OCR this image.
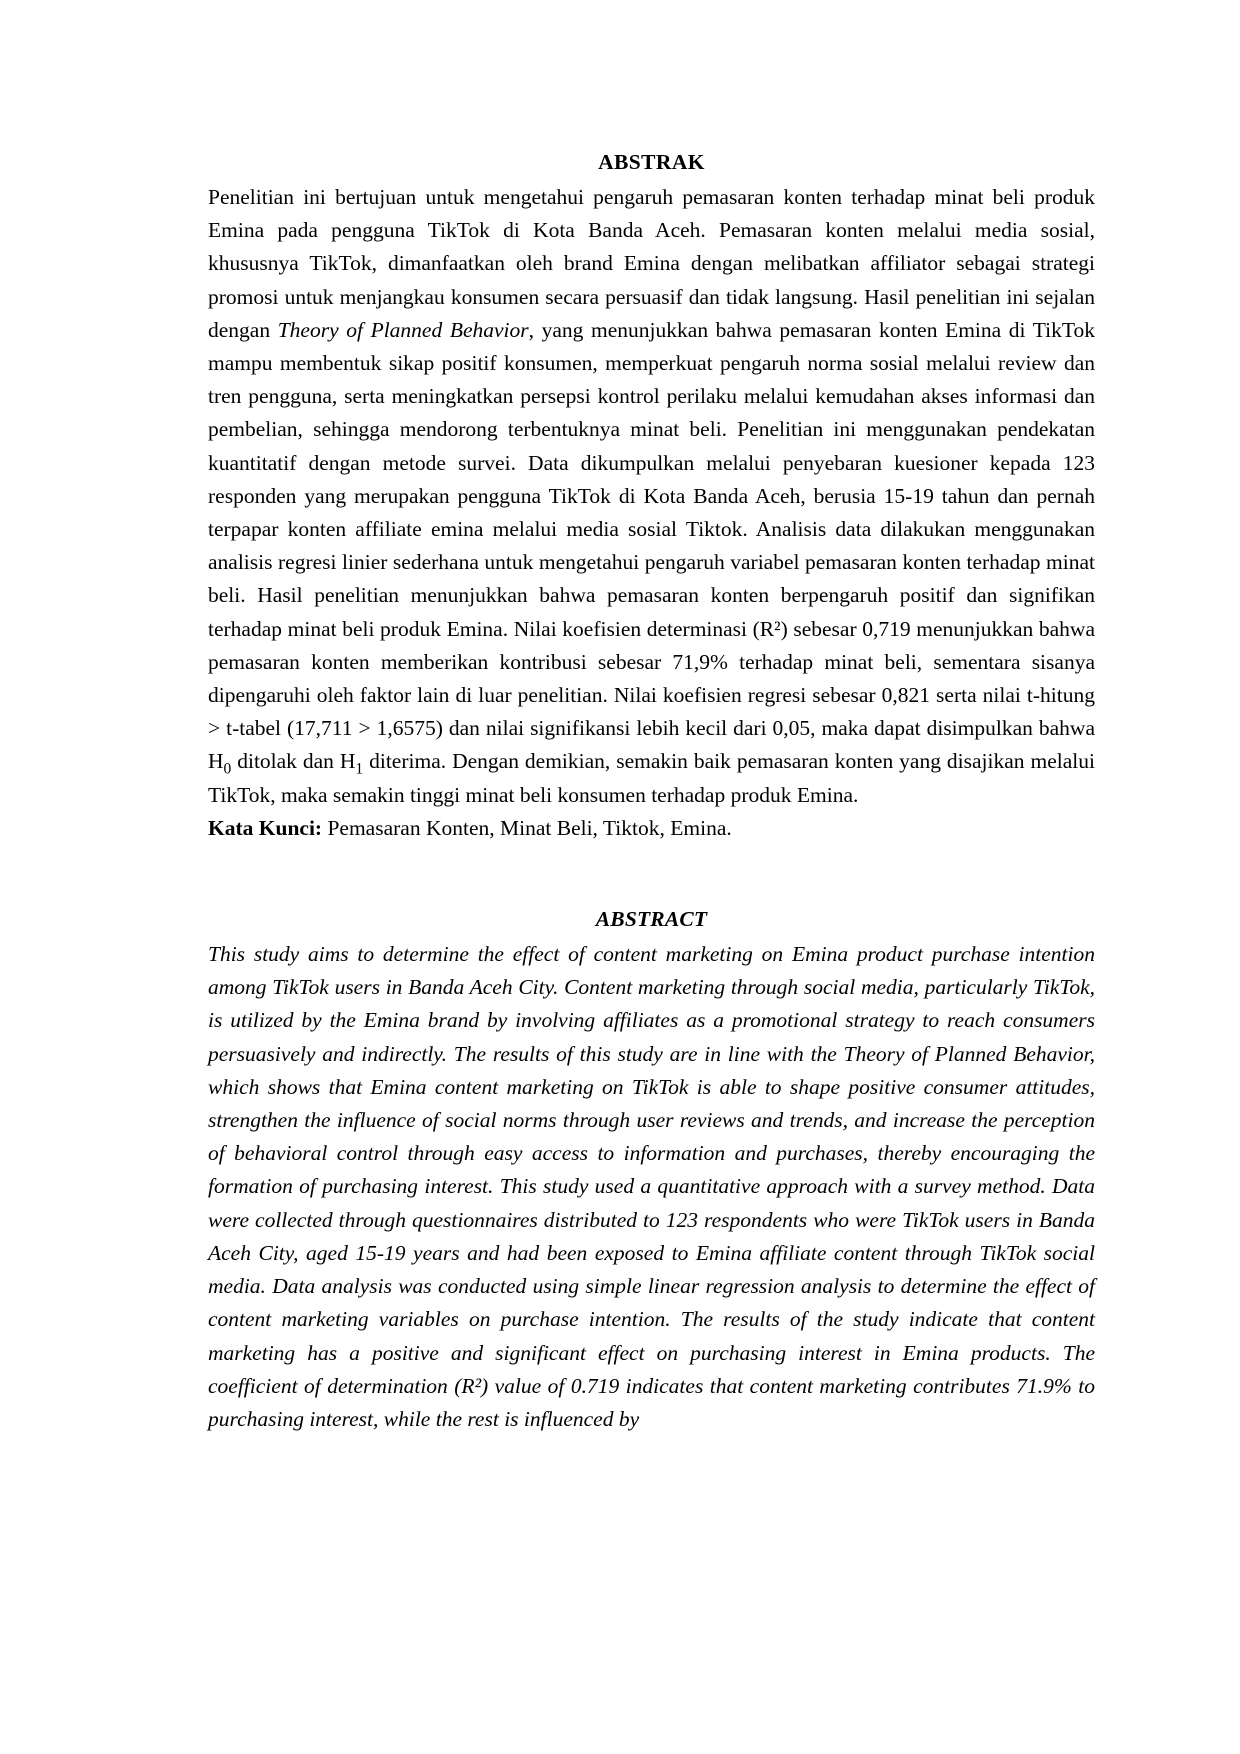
ABSTRAK

Penelitian ini bertujuan untuk mengetahui pengaruh pemasaran konten terhadap minat beli produk Emina pada pengguna TikTok di Kota Banda Aceh. Pemasaran konten melalui media sosial, khususnya TikTok, dimanfaatkan oleh brand Emina dengan melibatkan affiliator sebagai strategi promosi untuk menjangkau konsumen secara persuasif dan tidak langsung. Hasil penelitian ini sejalan dengan Theory of Planned Behavior, yang menunjukkan bahwa pemasaran konten Emina di TikTok mampu membentuk sikap positif konsumen, memperkuat pengaruh norma sosial melalui review dan tren pengguna, serta meningkatkan persepsi kontrol perilaku melalui kemudahan akses informasi dan pembelian, sehingga mendorong terbentuknya minat beli. Penelitian ini menggunakan pendekatan kuantitatif dengan metode survei. Data dikumpulkan melalui penyebaran kuesioner kepada 123 responden yang merupakan pengguna TikTok di Kota Banda Aceh, berusia 15-19 tahun dan pernah terpapar konten affiliate emina melalui media sosial Tiktok. Analisis data dilakukan menggunakan analisis regresi linier sederhana untuk mengetahui pengaruh variabel pemasaran konten terhadap minat beli. Hasil penelitian menunjukkan bahwa pemasaran konten berpengaruh positif dan signifikan terhadap minat beli produk Emina. Nilai koefisien determinasi (R²) sebesar 0,719 menunjukkan bahwa pemasaran konten memberikan kontribusi sebesar 71,9% terhadap minat beli, sementara sisanya dipengaruhi oleh faktor lain di luar penelitian. Nilai koefisien regresi sebesar 0,821 serta nilai t-hitung > t-tabel (17,711 > 1,6575) dan nilai signifikansi lebih kecil dari 0,05, maka dapat disimpulkan bahwa $H_0$ ditolak dan $H_1$ diterima. Dengan demikian, semakin baik pemasaran konten yang disajikan melalui TikTok, maka semakin tinggi minat beli konsumen terhadap produk Emina.

Kata Kunci: Pemasaran Konten, Minat Beli, Tiktok, Emina.

ABSTRACT

This study aims to determine the effect of content marketing on Emina product purchase intention among TikTok users in Banda Aceh City. Content marketing through social media, particularly TikTok, is utilized by the Emina brand by involving affiliates as a promotional strategy to reach consumers persuasively and indirectly. The results of this study are in line with the Theory of Planned Behavior, which shows that Emina content marketing on TikTok is able to shape positive consumer attitudes, strengthen the influence of social norms through user reviews and trends, and increase the perception of behavioral control through easy access to information and purchases, thereby encouraging the formation of purchasing interest. This study used a quantitative approach with a survey method. Data were collected through questionnaires distributed to 123 respondents who were TikTok users in Banda Aceh City, aged 15-19 years and had been exposed to Emina affiliate content through TikTok social media. Data analysis was conducted using simple linear regression analysis to determine the effect of content marketing variables on purchase intention. The results of the study indicate that content marketing has a positive and significant effect on purchasing interest in Emina products. The coefficient of determination (R²) value of 0.719 indicates that content marketing contributes 71.9% to purchasing interest, while the rest is influenced by
